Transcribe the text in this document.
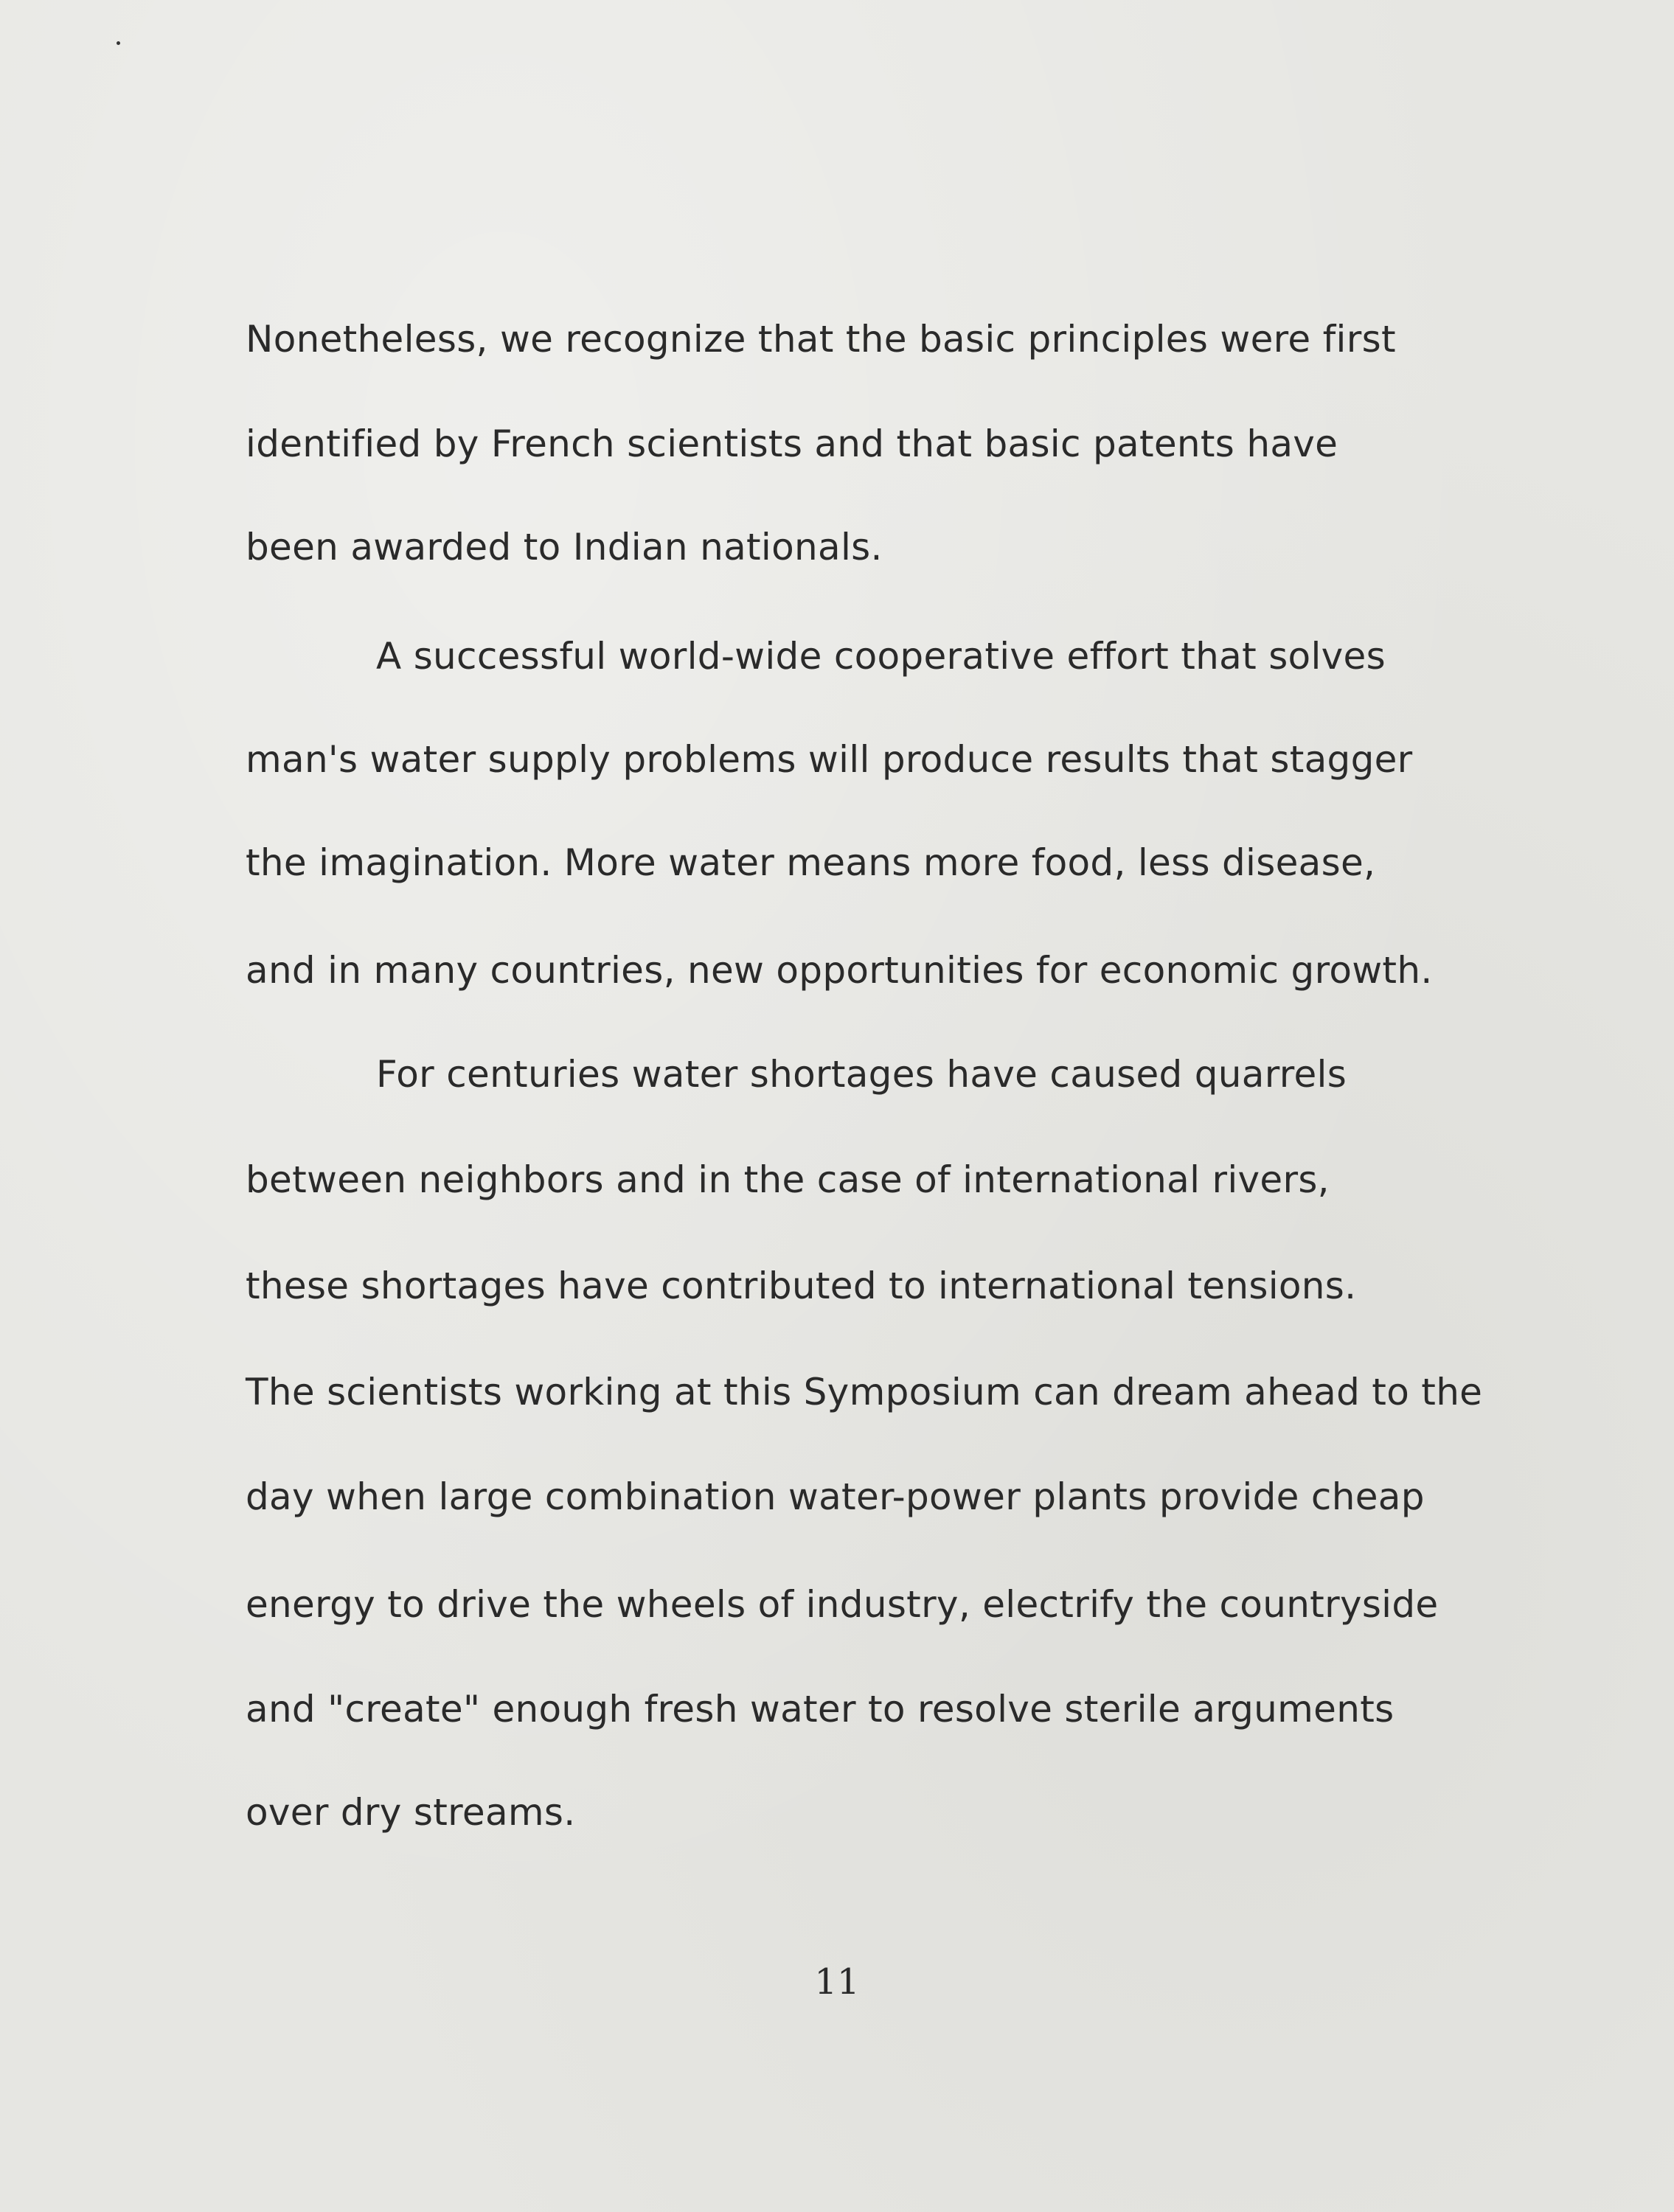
Nonetheless, we recognize that the basic principles were first

identified by French scientists and that basic patents have

been awarded to Indian nationals.

A successful world-wide cooperative effort that solves

man's water supply problems will produce results that stagger

the imagination. More water means more food, less disease,

and in many countries, new opportunities for economic growth.

For centuries water shortages have caused quarrels

between neighbors and in the case of international rivers,

these shortages have contributed to international tensions.

The scientists working at this Symposium can dream ahead to the

day when large combination water-power plants provide cheap

energy to drive the wheels of industry, electrify the countryside

and "create" enough fresh water to resolve sterile arguments

over dry streams.

11
